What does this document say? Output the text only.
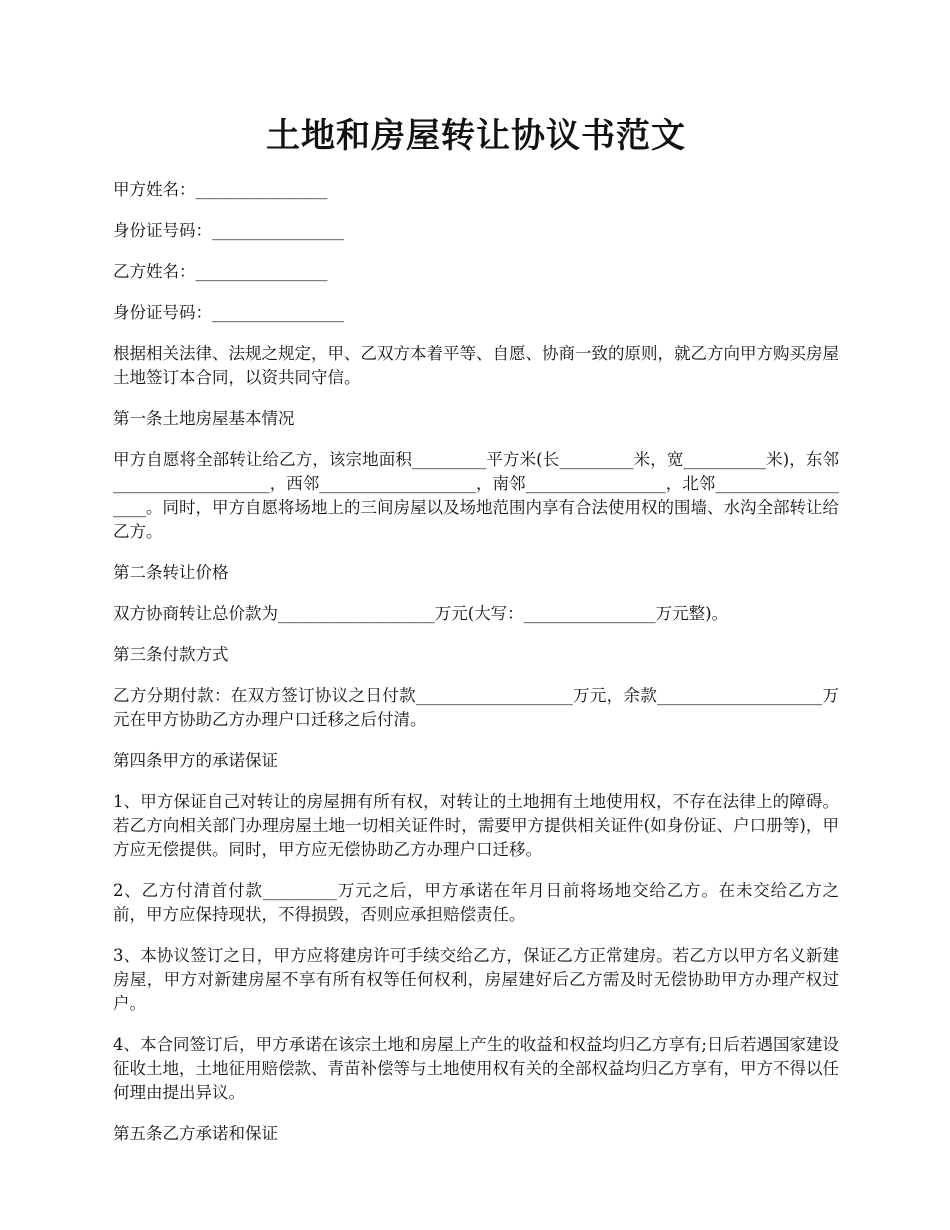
土地和房屋转让协议书范文

甲方姓名：________________

身份证号码：________________

乙方姓名：________________

身份证号码：________________

根据相关法律、法规之规定，甲、乙双方本着平等、自愿、协商一致的原则，就乙方向甲方购买房屋土地签订本合同，以资共同守信。

第一条土地房屋基本情况

甲方自愿将全部转让给乙方，该宗地面积_________平方米(长_________米，宽__________米)，东邻___________________，西邻___________________，南邻_________________，北邻___________________。同时，甲方自愿将场地上的三间房屋以及场地范围内享有合法使用权的围墙、水沟全部转让给乙方。

第二条转让价格

双方协商转让总价款为___________________万元(大写：________________万元整)。

第三条付款方式

乙方分期付款：在双方签订协议之日付款___________________万元，余款____________________万元在甲方协助乙方办理户口迁移之后付清。

第四条甲方的承诺保证

1、甲方保证自己对转让的房屋拥有所有权，对转让的土地拥有土地使用权，不存在法律上的障碍。若乙方向相关部门办理房屋土地一切相关证件时，需要甲方提供相关证件(如身份证、户口册等)，甲方应无偿提供。同时，甲方应无偿协助乙方办理户口迁移。

2、乙方付清首付款_________万元之后，甲方承诺在年月日前将场地交给乙方。在未交给乙方之前，甲方应保持现状，不得损毁，否则应承担赔偿责任。

3、本协议签订之日，甲方应将建房许可手续交给乙方，保证乙方正常建房。若乙方以甲方名义新建房屋，甲方对新建房屋不享有所有权等任何权利，房屋建好后乙方需及时无偿协助甲方办理产权过户。

4、本合同签订后，甲方承诺在该宗土地和房屋上产生的收益和权益均归乙方享有;日后若遇国家建设征收土地，土地征用赔偿款、青苗补偿等与土地使用权有关的全部权益均归乙方享有，甲方不得以任何理由提出异议。

第五条乙方承诺和保证
